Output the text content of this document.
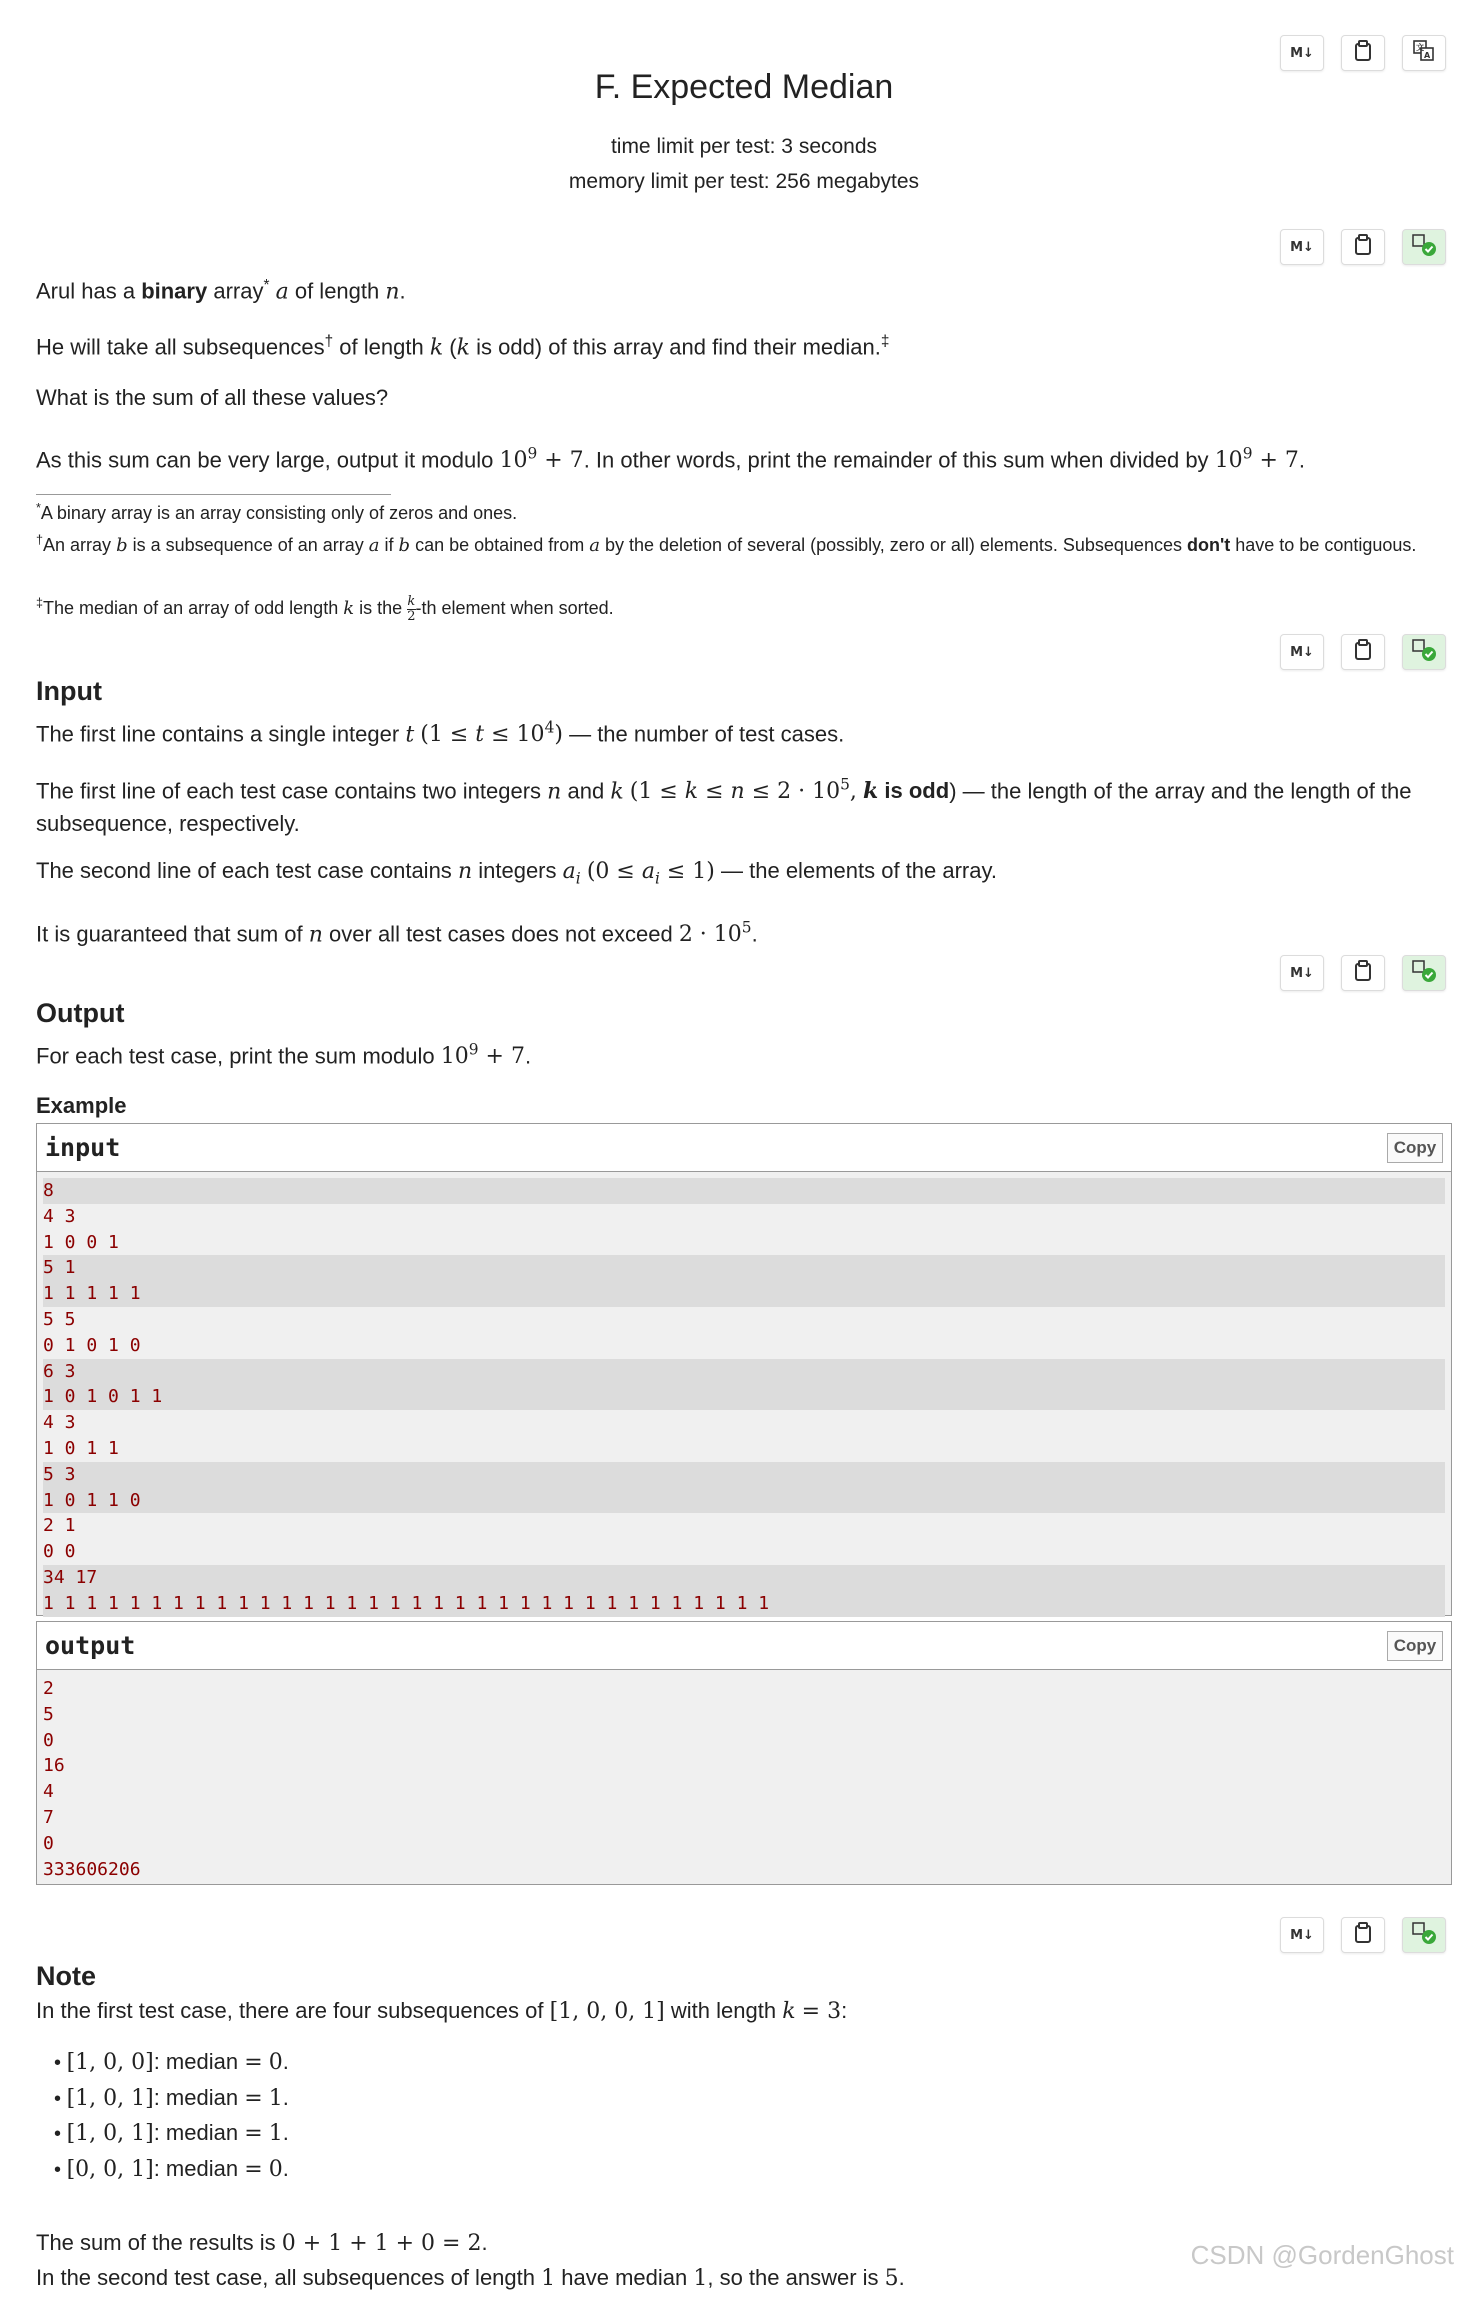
M↓	文
A
F. Expected Median
time limit per test: 3 seconds
memory limit per test: 256 megabytes
M↓
Arul has a binary array* a of length n.
He will take all subsequences† of length k (k is odd) of this array and find their median.‡
What is the sum of all these values?
As this sum can be very large, output it modulo $10^9 + 7$. In other words, print the remainder of this sum when divided by $10^9 + 7$.
*A binary array is an array consisting only of zeros and ones.
†An array b is a subsequence of an array a if b can be obtained from a by the deletion of several (possibly, zero or all) elements. Subsequences don't have to be contiguous.
‡The median of an array of odd length k is the $\frac{k}{2} -th$ element when sorted.
M↓
Input
The first line contains a single integer t $(1 \le t \le 10^4)$ — the number of test cases.
The first line of each test case contains two integers n and k ($1 \le k \le n \le 2 \cdot 10^5$, k is odd) — the length of the array and the length of the subsequence, respectively.
The second line of each test case contains n integers $a_i$ $(0 \le a_i \le 1)$ — the elements of the array.
It is guaranteed that sum of n over all test cases does not exceed $2 \cdot 10^5$.
M↓
Output
For each test case, print the sum modulo $10^9 + 7$.
Example
input	Copy
8
4 3
1 0 0 1
5 1
1 1 1 1 1
5 5
0 1 0 1 0
6 3
1 0 1 0 1 1
4 3
1 0 1 1
5 3
1 0 1 1 0
2 1
0 0
34 17
1 1 1 1 1 1 1 1 1 1 1 1 1 1 1 1 1 1 1 1 1 1 1 1 1 1 1 1 1 1 1 1 1 1
output	Copy
2
5
0
16
4
7
0
333606206
M↓
Note
In the first test case, there are four subsequences of [1, 0, 0, 1] with length k = 3:
• [1, 0, 0]: median = 0.
• [1, 0, 1]: median = 1.
• [1, 0, 1]: median = 1.
• [0, 0, 1]: median = 0.
The sum of the results is 0 + 1 + 1 + 0 = 2.
In the second test case, all subsequences of length 1 have median 1, so the answer is 5.
CSDN @GordenGhost
